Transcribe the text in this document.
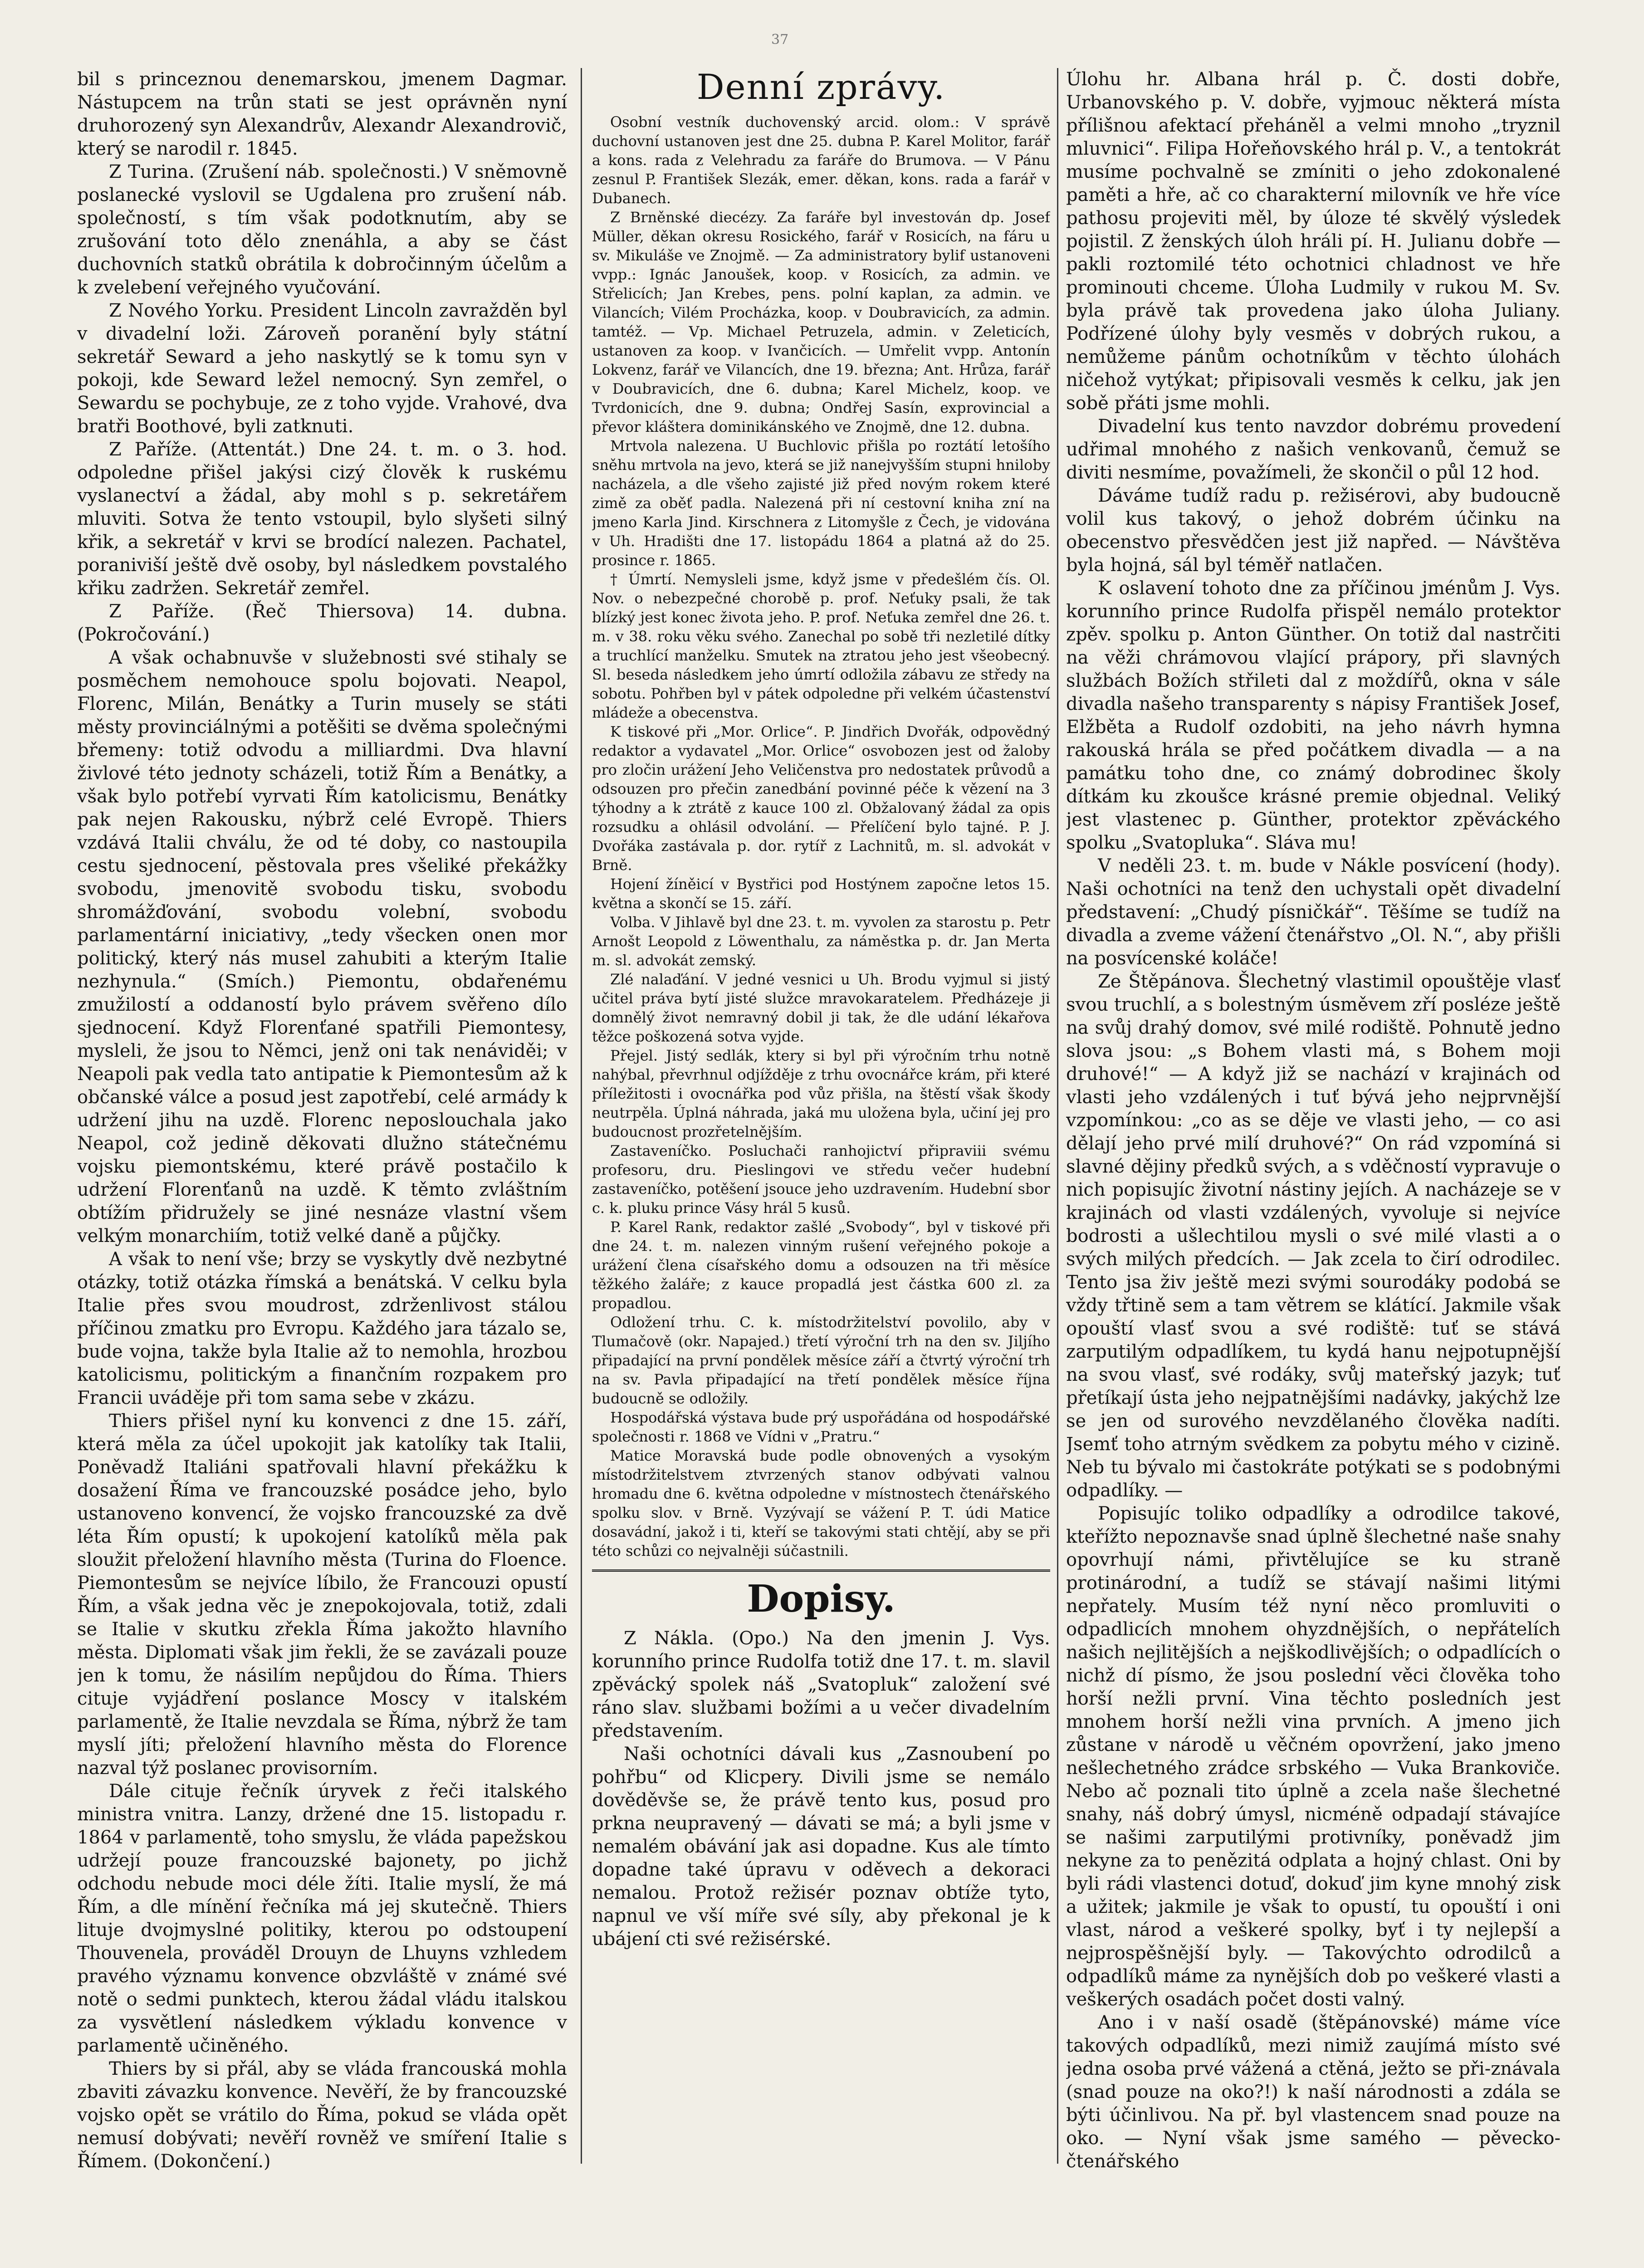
37

bil s princeznou denemarskou, jmenem Dagmar. Nástupcem na trůn stati se jest oprávněn nyní druhorozený syn Alexandrův, Alexandr Alexandrovič, který se narodil r. 1845.

Z Turina. (Zrušení náb. společnosti.) V sněmovně poslanecké vyslovil se Ugdalena pro zrušení náb. společností, s tím však podotknutím, aby se zrušování toto dělo znenáhla, a aby se část duchovních statků obrátila k dobročinným účelům a k zvelebení veřejného vyučování.

Z Nového Yorku. President Lincoln zavražděn byl v divadelní loži. Zároveň poranění byly státní sekretář Seward a jeho naskytlý se k tomu syn v pokoji, kde Seward ležel nemocný. Syn zemřel, o Sewardu se pochybuje, ze z toho vyjde. Vrahové, dva bratři Boothové, byli zatknuti.

Z Paříže. (Attentát.) Dne 24. t. m. o 3. hod. odpoledne přišel jakýsi cizý člověk k ruskému vyslanectví a žádal, aby mohl s p. sekretářem mluviti. Sotva že tento vstoupil, bylo slyšeti silný křik, a sekretář v krvi se brodící nalezen. Pachatel, poraniviší ještě dvě osoby, byl následkem povstalého křiku zadržen. Sekretář zemřel.

Z Paříže. (Řeč Thiersova) 14. dubna. (Pokročování.)

A však ochabnuvše v služebnosti své stihaly se posměchem nemohouce spolu bojovati. Neapol, Florenc, Milán, Benátky a Turin musely se státi městy provinciálnými a potěšiti se dvěma společnými břemeny: totiž odvodu a milliardmi. Dva hlavní živlové této jednoty scházeli, totiž Řím a Benátky, a však bylo potřebí vyrvati Řím katolicismu, Benátky pak nejen Rakousku, nýbrž celé Evropě. Thiers vzdává Italii chválu, že od té doby, co nastoupila cestu sjednocení, pěstovala pres všeliké překážky svobodu, jmenovitě svobodu tisku, svobodu shromážďování, svobodu volební, svobodu parlamentární iniciativy, „tedy všecken onen mor politický, který nás musel zahubiti a kterým Italie nezhynula.“ (Smích.) Piemontu, obdařenému zmužilostí a oddaností bylo právem svěřeno dílo sjednocení. Když Florenťané spatřili Piemontesy, mysleli, že jsou to Němci, jenž oni tak nenáviděi; v Neapoli pak vedla tato antipatie k Piemontesům až k občanské válce a posud jest zapotřebí, celé armády k udržení jihu na uzdě. Florenc neposlouchala jako Neapol, což jedině děkovati dlužno státečnému vojsku piemontskému, které právě postačilo k udržení Florenťanů na uzdě. K těmto zvláštním obtížím přidružely se jiné nesnáze vlastní všem velkým monarchiím, totiž velké daně a půjčky.

A však to není vše; brzy se vyskytly dvě nezbytné otázky, totiž otázka římská a benátská. V celku byla Italie přes svou moudrost, zdrženlivost stálou příčinou zmatku pro Evropu. Každého jara tázalo se, bude vojna, takže byla Italie až to nemohla, hrozbou katolicismu, politickým a finančním rozpakem pro Francii uváděje při tom sama sebe v zkázu.

Thiers přišel nyní ku konvenci z dne 15. září, která měla za účel upokojit jak katolíky tak Italii, Poněvadž Italiáni spatřovali hlavní překážku k dosažení Říma ve francouzské posádce jeho, bylo ustanoveno konvencí, že vojsko francouzské za dvě léta Řím opustí; k upokojení katolíků měla pak sloužit přeložení hlavního města (Turina do Floence. Piemontesům se nejvíce líbilo, že Francouzi opustí Řím, a však jedna věc je znepokojovala, totiž, zdali se Italie v skutku zřekla Říma jakožto hlavního města. Diplomati však jim řekli, že se zavázali pouze jen k tomu, že násilím nepůjdou do Říma. Thiers cituje vyjádření poslance Moscy v italském parlamentě, že Italie nevzdala se Říma, nýbrž že tam myslí jíti; přeložení hlavního města do Florence nazval týž poslanec provisorním.

Dále cituje řečník úryvek z řeči italského ministra vnitra. Lanzy, držené dne 15. listopadu r. 1864 v parlamentě, toho smyslu, že vláda papežskou udržejí pouze francouzské bajonety, po jichž odchodu nebude moci déle žíti. Italie myslí, že má Řím, a dle mínění řečníka má jej skutečně. Thiers lituje dvojmyslné politiky, kterou po odstoupení Thouvenela, prováděl Drouyn de Lhuyns vzhledem pravého významu konvence obzvláště v známé své notě o sedmi punktech, kterou žádal vládu italskou za vysvětlení následkem výkladu konvence v parlamentě učiněného.

Thiers by si přál, aby se vláda francouská mohla zbaviti závazku konvence. Nevěří, že by francouzské vojsko opět se vrátilo do Říma, pokud se vláda opět nemusí dobývati; nevěří rovněž ve smíření Italie s Římem. (Dokončení.)

Denní zprávy.

Osobní vestník duchovenský arcid. olom.: V správě duchovní ustanoven jest dne 25. dubna P. Karel Molitor, farář a kons. rada z Velehradu za faráře do Brumova. — V Pánu zesnul P. František Slezák, emer. děkan, kons. rada a farář v Dubanech.

Z Brněnské diecézy. Za faráře byl investován dp. Josef Müller, děkan okresu Rosického, farář v Rosicích, na fáru u sv. Mikuláše ve Znojmě. — Za administratory bylif ustanoveni vvpp.: Ignác Janoušek, koop. v Rosicích, za admin. ve Střelicích; Jan Krebes, pens. polní kaplan, za admin. ve Vilancích; Vilém Procházka, koop. v Doubravicích, za admin. tamtéž. — Vp. Michael Petruzela, admin. v Zeleticích, ustanoven za koop. v Ivančicích. — Umřelit vvpp. Antonín Lokvenz, farář ve Vilancích, dne 19. března; Ant. Hrůza, farář v Doubravicích, dne 6. dubna; Karel Michelz, koop. ve Tvrdonicích, dne 9. dubna; Ondřej Sasín, exprovincial a převor kláštera dominikánského ve Znojmě, dne 12. dubna.

Mrtvola nalezena. U Buchlovic přišla po roztátí letošího sněhu mrtvola na jevo, která se již nanejvyšším stupni hniloby nacházela, a dle všeho zajisté již před novým rokem které zimě za oběť padla. Nalezená při ní cestovní kniha zní na jmeno Karla Jind. Kirschnera z Litomyšle z Čech, je vidována v Uh. Hradišti dne 17. listopádu 1864 a platná až do 25. prosince r. 1865.

† Úmrtí. Nemysleli jsme, když jsme v předešlém čís. Ol. Nov. o nebezpečné chorobě p. prof. Neťuky psali, že tak blízký jest konec života jeho. P. prof. Neťuka zemřel dne 26. t. m. v 38. roku věku svého. Zanechal po sobě tři nezletilé dítky a truchlící manželku. Smutek na ztratou jeho jest všeobecný. Sl. beseda následkem jeho úmrtí odložila zábavu ze středy na sobotu. Pohřben byl v pátek odpoledne při velkém účastenství mládeže a obecenstva.

K tiskové při „Mor. Orlice“. P. Jindřich Dvořák, odpovědný redaktor a vydavatel „Mor. Orlice“ osvobozen jest od žaloby pro zločin urážení Jeho Veličenstva pro nedostatek průvodů a odsouzen pro přečin zanedbání povinné péče k vězení na 3 týhodny a k ztrátě z kauce 100 zl. Obžalovaný žádal za opis rozsudku a ohlásil odvolání. — Přelíčení bylo tajné. P. J. Dvořáka zastávala p. dor. rytíř z Lachnitů, m. sl. advokát v Brně.

Hojení žíněicí v Bystřici pod Hostýnem započne letos 15. května a skončí se 15. září.

Volba. V Jihlavě byl dne 23. t. m. vyvolen za starostu p. Petr Arnošt Leopold z Löwenthalu, za náměstka p. dr. Jan Merta m. sl. advokát zemský.

Zlé nalaďání. V jedné vesnici u Uh. Brodu vyjmul si jistý učitel práva bytí jisté služce mravokaratelem. Předházeje ji domnělý život nemravný dobil ji tak, že dle udání lékařova těžce poškozená sotva vyjde.

Přejel. Jistý sedlák, ktery si byl při výročním trhu notně nahýbal, převrhnul odjížděje z trhu ovocnářce krám, při které příležitosti i ovocnářka pod vůz přišla, na štěstí však škody neutrpěla. Úplná náhrada, jaká mu uložena byla, učiní jej pro budoucnost prozřetelnějším.

Zastaveníčko. Posluchači ranhojictví připraviii svému profesoru, dru. Pieslingovi ve středu večer hudební zastaveníčko, potěšení jsouce jeho uzdravením. Hudební sbor c. k. pluku prince Vásy hrál 5 kusů.

P. Karel Rank, redaktor zašlé „Svobody“, byl v tiskové při dne 24. t. m. nalezen vinným rušení veřejného pokoje a urážení člena císařského domu a odsouzen na tři měsíce těžkého žaláře; z kauce propadlá jest částka 600 zl. za propadlou.

Odložení trhu. C. k. místodržitelství povolilo, aby v Tlumačově (okr. Napajed.) třetí výroční trh na den sv. Jiljího připadající na první pondělek měsíce září a čtvrtý výroční trh na sv. Pavla připadající na třetí pondělek měsíce října budoucně se odložily.

Hospodářská výstava bude prý uspořádána od hospodářské společnosti r. 1868 ve Vídni v „Pratru.“

Matice Moravská bude podle obnovených a vysokým místodržitelstvem ztvrzených stanov odbývati valnou hromadu dne 6. května odpoledne v místnostech čtenářského spolku slov. v Brně. Vyzývají se vážení P. T. údi Matice dosavádní, jakož i ti, kteří se takovými stati chtějí, aby se při této schůzi co nejvalněji súčastnili.

Dopisy.

Z Nákla. (Opo.) Na den jmenin J. Vys. korunního prince Rudolfa totiž dne 17. t. m. slavil zpěvácký spolek náš „Svatopluk“ založení své ráno slav. službami božími a u večer divadelním představením.

Naši ochotníci dávali kus „Zasnoubení po pohřbu“ od Klicpery. Divili jsme se nemálo dověděvše se, že právě tento kus, posud pro prkna neupravený — dávati se má; a byli jsme v nemalém obávání jak asi dopadne. Kus ale tímto dopadne také úpravu v oděvech a dekoraci nemalou. Protož režisér poznav obtíže tyto, napnul ve vší míře své síly, aby překonal je k ubájení cti své režisérské.

Úlohu hr. Albana hrál p. Č. dosti dobře, Urbanovského p. V. dobře, vyjmouc některá místa přílišnou afektací přeháněl a velmi mnoho „tryznil mluvnici“. Filipa Hořeňovského hrál p. V., a tentokrát musíme pochvalně se zmíniti o jeho zdokonalené paměti a hře, ač co charakterní milovník ve hře více pathosu projeviti měl, by úloze té skvělý výsledek pojistil. Z ženských úloh hráli pí. H. Julianu dobře — pakli roztomilé této ochotnici chladnost ve hře prominouti chceme. Úloha Ludmily v rukou M. Sv. byla právě tak provedena jako úloha Juliany. Podřízené úlohy byly vesměs v dobrých rukou, a nemůžeme pánům ochotníkům v těchto úlohách ničehož vytýkat; připisovali vesměs k celku, jak jen sobě přáti jsme mohli.

Divadelní kus tento navzdor dobrému provedení udřimal mnohého z našich venkovanů, čemuž se diviti nesmíme, považímeli, že skončil o půl 12 hod.

Dáváme tudíž radu p. režisérovi, aby budoucně volil kus takový, o jehož dobrém účinku na obecenstvo přesvědčen jest již napřed. — Návštěva byla hojná, sál byl téměř natlačen.

K oslavení tohoto dne za příčinou jménům J. Vys. korunního prince Rudolfa přispěl nemálo protektor zpěv. spolku p. Anton Günther. On totiž dal nastrčiti na věži chrámovou vlající prápory, při slavných službách Božích střileti dal z moždířů, okna v sále divadla našeho transparenty s nápisy František Josef, Elžběta a Rudolf ozdobiti, na jeho návrh hymna rakouská hrála se před počátkem divadla — a na památku toho dne, co známý dobrodinec školy dítkám ku zkoušce krásné premie objednal. Veliký jest vlastenec p. Günther, protektor zpěváckého spolku „Svatopluka“. Sláva mu!

V neděli 23. t. m. bude v Nákle posvícení (hody). Naši ochotníci na tenž den uchystali opět divadelní představení: „Chudý písničkář“. Těšíme se tudíž na divadla a zveme vážení čtenářstvo „Ol. N.“, aby přišli na posvícenské koláče!

Ze Štěpánova. Šlechetný vlastimil opouštěje vlasť svou truchlí, a s bolestným úsměvem zří posléze ještě na svůj drahý domov, své milé rodiště. Pohnutě jedno slova jsou: „s Bohem vlasti má, s Bohem moji druhové!“ — A když již se nachází v krajinách od vlasti jeho vzdálených i tuť bývá jeho nejprvnější vzpomínkou: „co as se děje ve vlasti jeho, — co asi dělají jeho prvé milí druhové?“ On rád vzpomíná si slavné dějiny předků svých, a s vděčností vypravuje o nich popisujíc životní nástiny jejích. A nacházeje se v krajinách od vlasti vzdálených, vyvoluje si nejvíce bodrosti a ušlechtilou mysli o své milé vlasti a o svých milých předcích. — Jak zcela to čirí odrodilec. Tento jsa živ ještě mezi svými sourodáky podobá se vždy třtině sem a tam větrem se klátící. Jakmile však opouští vlasť svou a své rodiště: tuť se stává zarputilým odpadlíkem, tu kydá hanu nejpotupnější na svou vlasť, své rodáky, svůj mateřský jazyk; tuť přetíkají ústa jeho nejpatnějšími nadávky, jakýchž lze se jen od surového nevzdělaného člověka nadíti. Jsemť toho atrným svědkem za pobytu mého v cizině. Neb tu bývalo mi častokráte potýkati se s podobnými odpadlíky. —

Popisujíc toliko odpadlíky a odrodilce takové, kteřížto nepoznavše snad úplně šlechetné naše snahy opovrhují námi, přivtělujíce se ku straně protinárodní, a tudíž se stávají našimi litými nepřately. Musím též nyní něco promluviti o odpadlicích mnohem ohyzdnějších, o nepřátelích našich nejlitějších a nejškodlivějších; o odpadlících o nichž dí písmo, že jsou poslední věci člověka toho horší nežli první. Vina těchto posledních jest mnohem horší nežli vina prvních. A jmeno jich zůstane v národě u věčném opovržení, jako jmeno nešlechetného zrádce srbského — Vuka Brankoviče. Nebo ač poznali tito úplně a zcela naše šlechetné snahy, náš dobrý úmysl, nicméně odpadají stávajíce se našimi zarputilými protivníky, poněvadž jim nekyne za to penězitá odplata a hojný chlast. Oni by byli rádi vlastenci dotuď, dokuď jim kyne mnohý zisk a užitek; jakmile je však to opustí, tu opouští i oni vlast, národ a veškeré spolky, byť i ty nejlepší a nejprospěšnější byly. — Takovýchto odrodilců a odpadlíků máme za nynějších dob po veškeré vlasti a veškerých osadách počet dosti valný.

Ano i v naší osadě (štěpánovské) máme více takových odpadlíků, mezi nimiž zaujímá místo své jedna osoba prvé vážená a ctěná, ježto se při-znávala (snad pouze na oko?!) k naší národnosti a zdála se býti účinlivou. Na př. byl vlastencem snad pouze na oko. — Nyní však jsme samého — pěvecko-čtenářského
